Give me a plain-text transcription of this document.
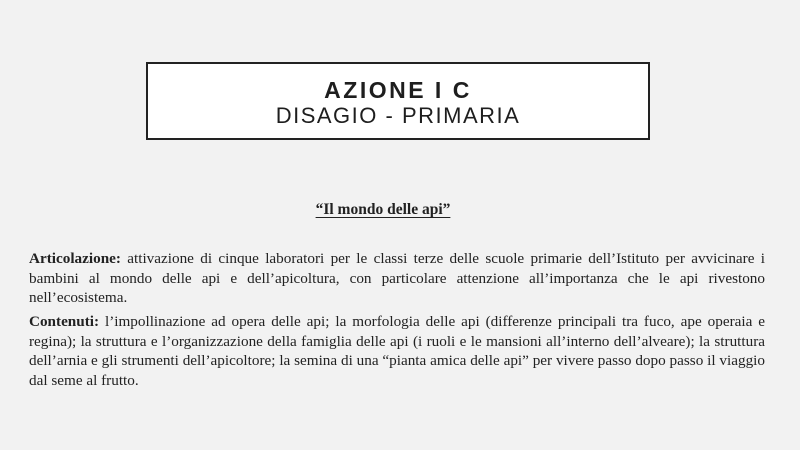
AZIONE I C
DISAGIO - PRIMARIA
“Il mondo delle api”

Articolazione: attivazione di cinque laboratori per le classi terze delle scuole primarie dell’Istituto per avvicinare i bambini al mondo delle api e dell’apicoltura, con particolare attenzione all’importanza che le api rivestono nell’ecosistema.

Contenuti: l’impollinazione ad opera delle api; la morfologia delle api (differenze principali tra fuco, ape operaia e regina); la struttura e l’organizzazione della famiglia delle api (i ruoli e le mansioni all’interno dell’alveare); la struttura dell’arnia e gli strumenti dell’apicoltore; la semina di una “pianta amica delle api” per vivere passo dopo passo il viaggio dal seme al frutto.
